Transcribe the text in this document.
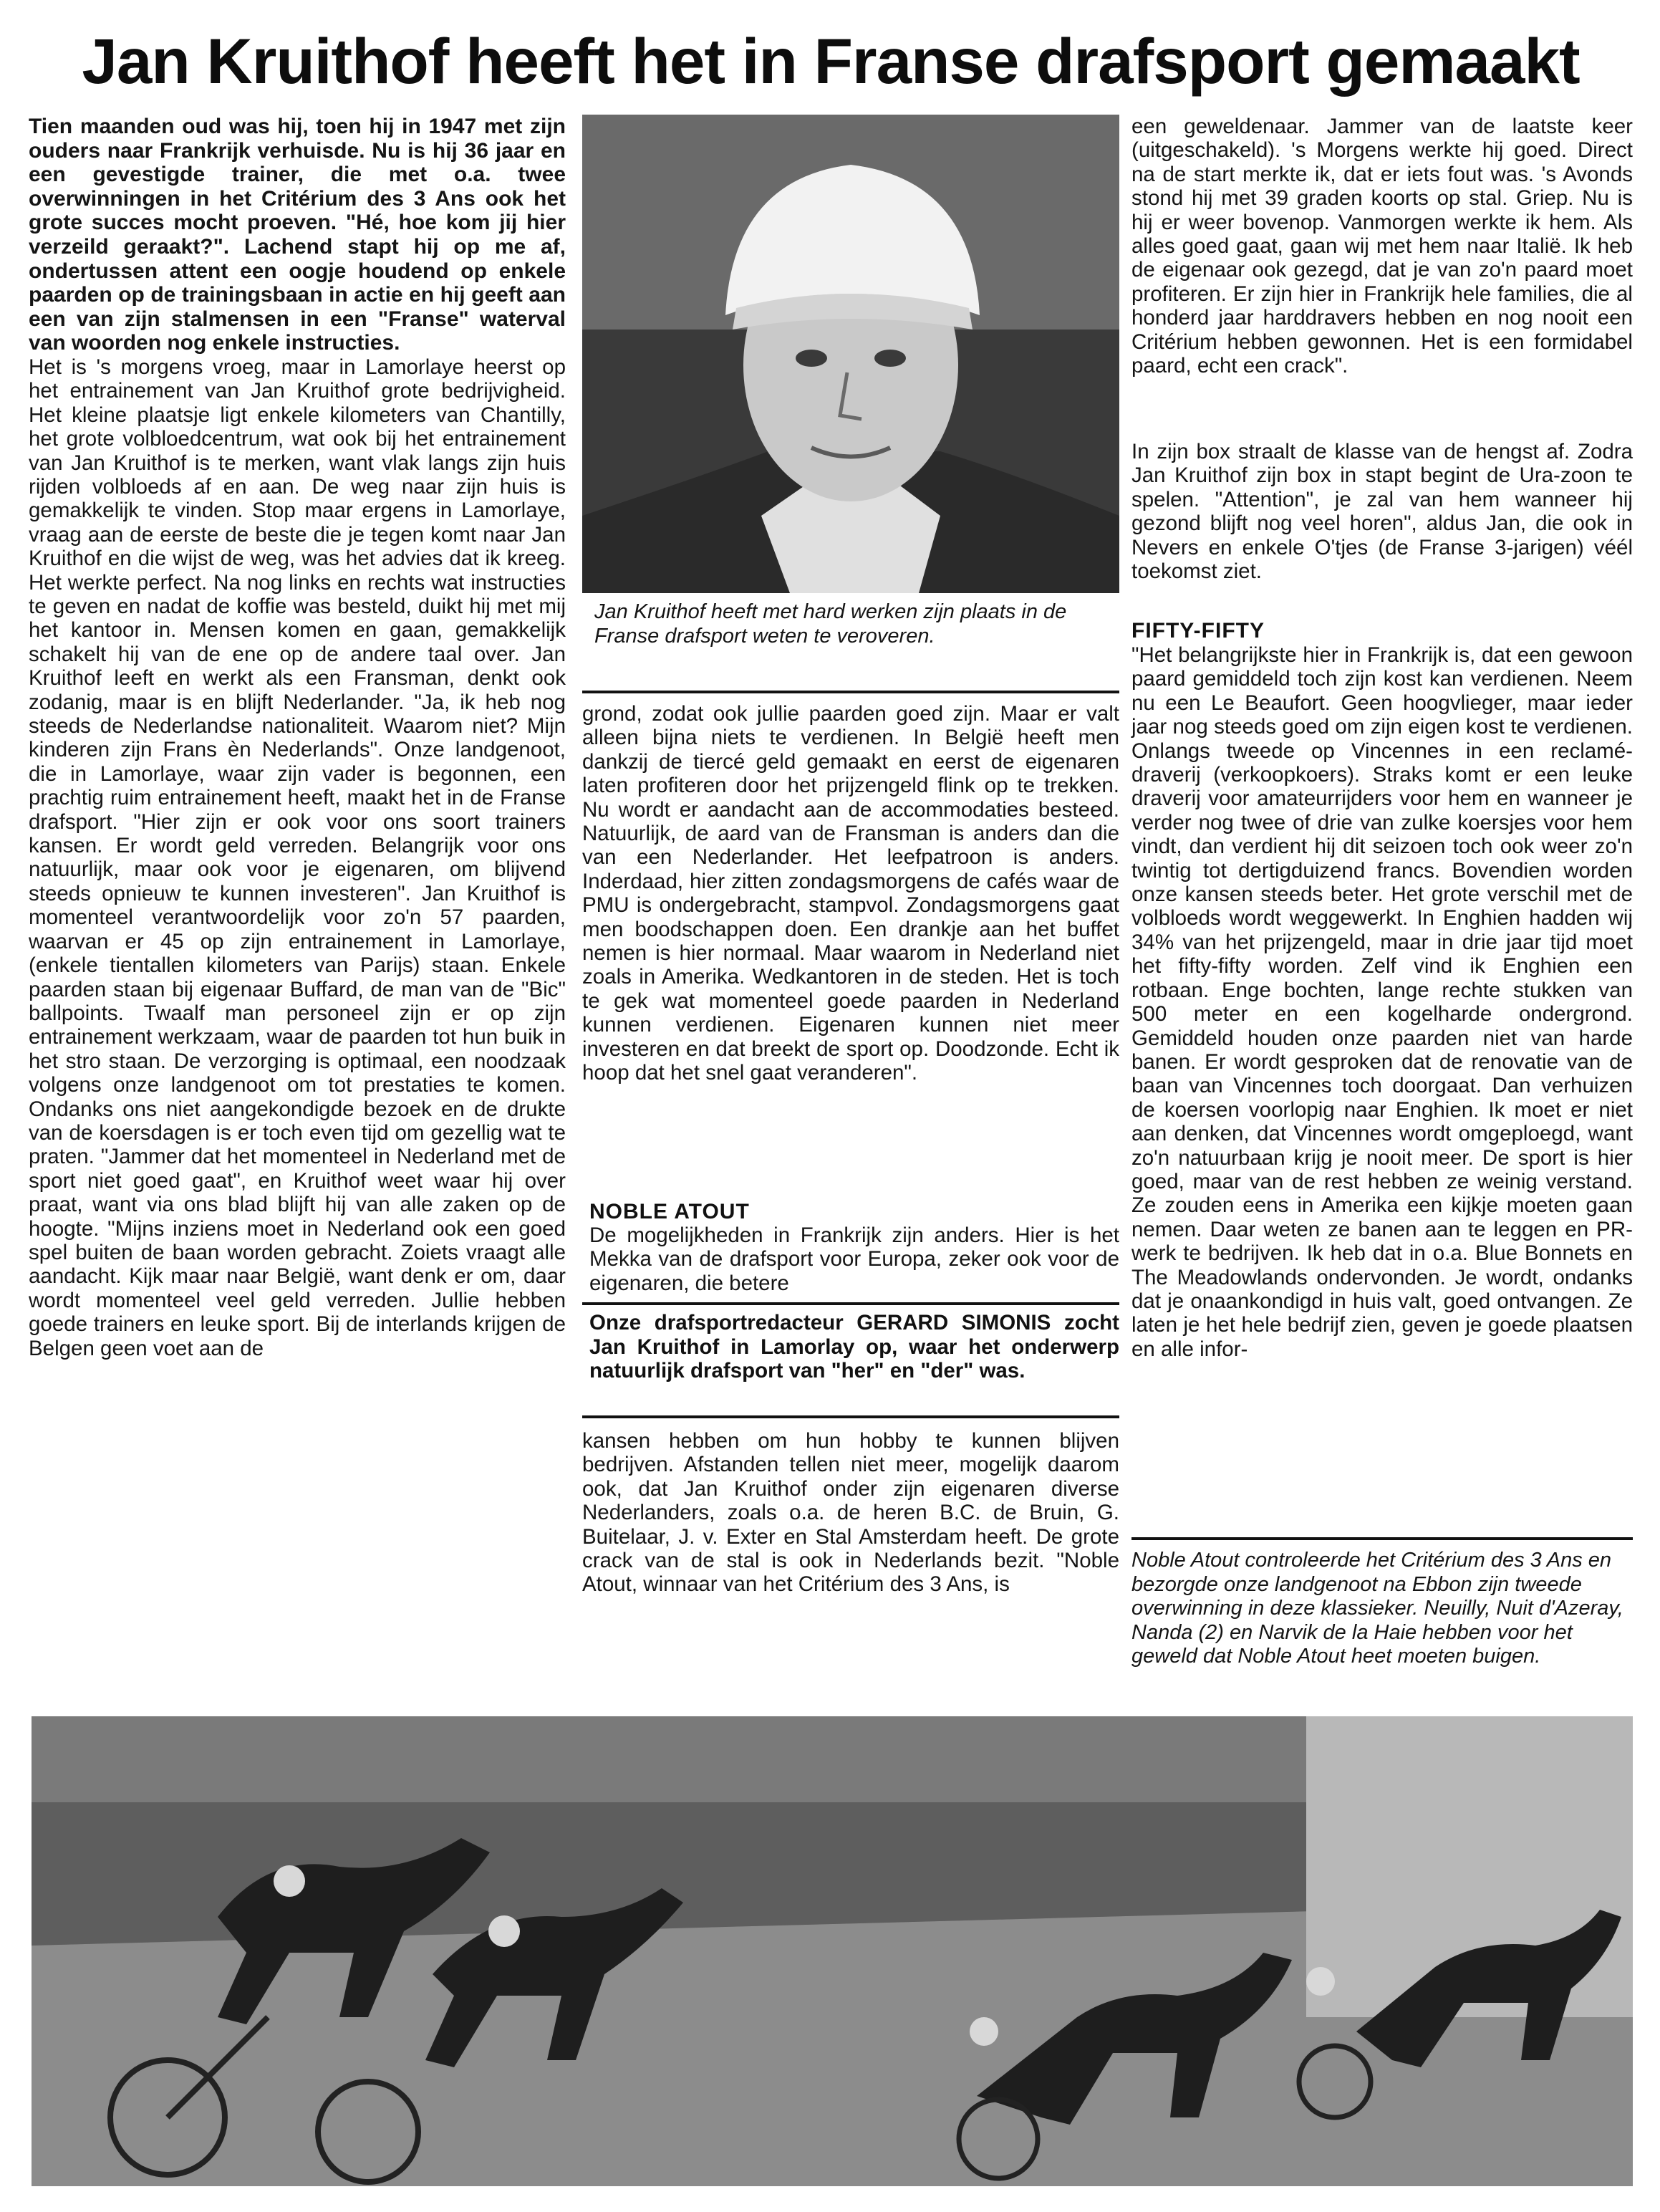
Jan Kruithof heeft het in Franse drafsport gemaakt

Tien maanden oud was hij, toen hij in 1947 met zijn ouders naar Frankrijk verhuisde. Nu is hij 36 jaar en een gevestigde trainer, die met o.a. twee overwinningen in het Critérium des 3 Ans ook het grote succes mocht proeven. "Hé, hoe kom jij hier verzeild geraakt?". Lachend stapt hij op me af, ondertussen attent een oogje houdend op enkele paarden op de trainingsbaan in actie en hij geeft aan een van zijn stalmensen in een "Franse" waterval van woorden nog enkele instructies.

Het is 's morgens vroeg, maar in Lamorlaye heerst op het entrainement van Jan Kruithof grote bedrijvigheid. Het kleine plaatsje ligt enkele kilometers van Chantilly, het grote volbloedcentrum, wat ook bij het entrainement van Jan Kruithof is te merken, want vlak langs zijn huis rijden volbloeds af en aan. De weg naar zijn huis is gemakkelijk te vinden. Stop maar ergens in Lamorlaye, vraag aan de eerste de beste die je tegen komt naar Jan Kruithof en die wijst de weg, was het advies dat ik kreeg. Het werkte perfect. Na nog links en rechts wat instructies te geven en nadat de koffie was besteld, duikt hij met mij het kantoor in. Mensen komen en gaan, gemakkelijk schakelt hij van de ene op de andere taal over. Jan Kruithof leeft en werkt als een Fransman, denkt ook zodanig, maar is en blijft Nederlander. "Ja, ik heb nog steeds de Nederlandse nationaliteit. Waarom niet? Mijn kinderen zijn Frans èn Nederlands". Onze landgenoot, die in Lamorlaye, waar zijn vader is begonnen, een prachtig ruim entrainement heeft, maakt het in de Franse drafsport. "Hier zijn er ook voor ons soort trainers kansen. Er wordt geld verreden. Belangrijk voor ons natuurlijk, maar ook voor je eigenaren, om blijvend steeds opnieuw te kunnen investeren". Jan Kruithof is momenteel verantwoordelijk voor zo'n 57 paarden, waarvan er 45 op zijn entrainement in Lamorlaye, (enkele tientallen kilometers van Parijs) staan. Enkele paarden staan bij eigenaar Buffard, de man van de "Bic" ballpoints. Twaalf man personeel zijn er op zijn entrainement werkzaam, waar de paarden tot hun buik in het stro staan. De verzorging is optimaal, een noodzaak volgens onze landgenoot om tot prestaties te komen. Ondanks ons niet aangekondigde bezoek en de drukte van de koersdagen is er toch even tijd om gezellig wat te praten. "Jammer dat het momenteel in Nederland met de sport niet goed gaat", en Kruithof weet waar hij over praat, want via ons blad blijft hij van alle zaken op de hoogte. "Mijns inziens moet in Nederland ook een goed spel buiten de baan worden gebracht. Zoiets vraagt alle aandacht. Kijk maar naar België, want denk er om, daar wordt momenteel veel geld verreden. Jullie hebben goede trainers en leuke sport. Bij de interlands krijgen de Belgen geen voet aan de

Jan Kruithof heeft met hard werken zijn plaats in de Franse drafsport weten te veroveren.

grond, zodat ook jullie paarden goed zijn. Maar er valt alleen bijna niets te verdienen. In België heeft men dankzij de tiercé geld gemaakt en eerst de eigenaren laten profiteren door het prijzengeld flink op te trekken. Nu wordt er aandacht aan de accommodaties besteed. Natuurlijk, de aard van de Fransman is anders dan die van een Nederlander. Het leefpatroon is anders. Inderdaad, hier zitten zondagsmorgens de cafés waar de PMU is ondergebracht, stampvol. Zondagsmorgens gaat men boodschappen doen. Een drankje aan het buffet nemen is hier normaal. Maar waarom in Nederland niet zoals in Amerika. Wedkantoren in de steden. Het is toch te gek wat momenteel goede paarden in Nederland kunnen verdienen. Eigenaren kunnen niet meer investeren en dat breekt de sport op. Doodzonde. Echt ik hoop dat het snel gaat veranderen".

NOBLE ATOUT

De mogelijkheden in Frankrijk zijn anders. Hier is het Mekka van de drafsport voor Europa, zeker ook voor de eigenaren, die betere

Onze drafsportredacteur GERARD SIMONIS zocht Jan Kruithof in Lamorlay op, waar het onderwerp natuurlijk drafsport van "her" en "der" was.

kansen hebben om hun hobby te kunnen blijven bedrijven. Afstanden tellen niet meer, mogelijk daarom ook, dat Jan Kruithof onder zijn eigenaren diverse Nederlanders, zoals o.a. de heren B.C. de Bruin, G. Buitelaar, J. v. Exter en Stal Amsterdam heeft. De grote crack van de stal is ook in Nederlands bezit. "Noble Atout, winnaar van het Critérium des 3 Ans, is

een geweldenaar. Jammer van de laatste keer (uitgeschakeld). 's Morgens werkte hij goed. Direct na de start merkte ik, dat er iets fout was. 's Avonds stond hij met 39 graden koorts op stal. Griep. Nu is hij er weer bovenop. Vanmorgen werkte ik hem. Als alles goed gaat, gaan wij met hem naar Italië. Ik heb de eigenaar ook gezegd, dat je van zo'n paard moet profiteren. Er zijn hier in Frankrijk hele families, die al honderd jaar harddravers hebben en nog nooit een Critérium hebben gewonnen. Het is een formidabel paard, echt een crack".

In zijn box straalt de klasse van de hengst af. Zodra Jan Kruithof zijn box in stapt begint de Ura-zoon te spelen. "Attention", je zal van hem wanneer hij gezond blijft nog veel horen", aldus Jan, die ook in Nevers en enkele O'tjes (de Franse 3-jarigen) véél toekomst ziet.

FIFTY-FIFTY

"Het belangrijkste hier in Frankrijk is, dat een gewoon paard gemiddeld toch zijn kost kan verdienen. Neem nu een Le Beaufort. Geen hoogvlieger, maar ieder jaar nog steeds goed om zijn eigen kost te verdienen. Onlangs tweede op Vincennes in een reclamé-draverij (verkoopkoers). Straks komt er een leuke draverij voor amateurrijders voor hem en wanneer je verder nog twee of drie van zulke koersjes voor hem vindt, dan verdient hij dit seizoen toch ook weer zo'n twintig tot dertigduizend francs. Bovendien worden onze kansen steeds beter. Het grote verschil met de volbloeds wordt weggewerkt. In Enghien hadden wij 34% van het prijzengeld, maar in drie jaar tijd moet het fifty-fifty worden. Zelf vind ik Enghien een rotbaan. Enge bochten, lange rechte stukken van 500 meter en een kogelharde ondergrond. Gemiddeld houden onze paarden niet van harde banen. Er wordt gesproken dat de renovatie van de baan van Vincennes toch doorgaat. Dan verhuizen de koersen voorlopig naar Enghien. Ik moet er niet aan denken, dat Vincennes wordt omgeploegd, want zo'n natuurbaan krijg je nooit meer. De sport is hier goed, maar van de rest hebben ze weinig verstand. Ze zouden eens in Amerika een kijkje moeten gaan nemen. Daar weten ze banen aan te leggen en PR-werk te bedrijven. Ik heb dat in o.a. Blue Bonnets en The Meadowlands ondervonden. Je wordt, ondanks dat je onaankondigd in huis valt, goed ontvangen. Ze laten je het hele bedrijf zien, geven je goede plaatsen en alle infor-

Noble Atout controleerde het Critérium des 3 Ans en bezorgde onze landgenoot na Ebbon zijn tweede overwinning in deze klassieker. Neuilly, Nuit d'Azeray, Nanda (2) en Narvik de la Haie hebben voor het geweld dat Noble Atout heet moeten buigen.
